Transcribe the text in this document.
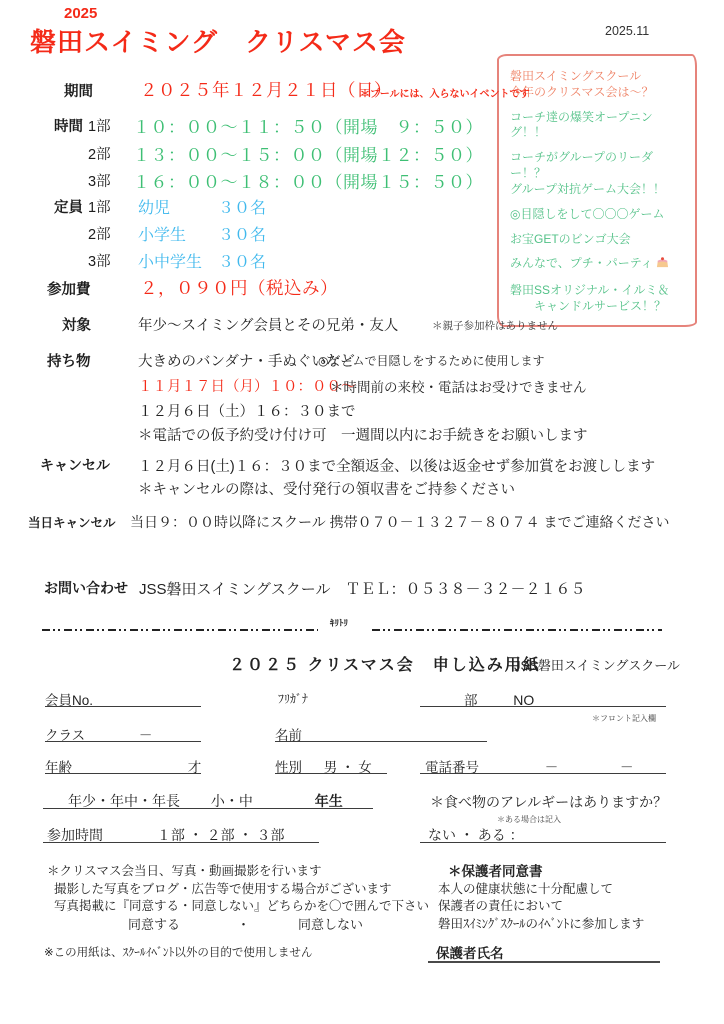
2025
磐田スイミング　クリスマス会	2025.11
磐田スイミングスクール
今年のクリスマス会は～？
コーチ達の爆笑オープニング！！
コーチがグループのリーダー！？
グループ対抗ゲーム大会！！
◎目隠しをして〇〇〇ゲーム
お宝GETのビンゴ大会
みんなで、プチ・パーティ
磐田SSオリジナル・イルミ＆
キャンドルサービス！？
期間	２０２５年１２月２１日（日）
＊プールには、入らないイベントです
時間 1部 １０：００～１１：５０（開場　９：５０）
2部 １３：００～１５：００（開場１２：５０）
3部 １６：００～１８：００（開場１５：５０）
定員 1部 幼児	３０名
2部 小学生 ３０名
3部 小中学生 ３０名
参加費	２，０９０円（税込み）
対象	年少～スイミング会員とその兄弟・友人	＊親子参加枠はありません
持ち物	大きめのバンダナ・手ぬぐいなど
◎ゲームで目隠しをするために使用します
１１月１７日（月）１０：００～
＊時間前の来校・電話はお受けできません
１２月６日（土）１６：３０まで
＊電話での仮予約受け付け可　一週間以内にお手続きをお願いします
キャンセル １２月６日(土)１６：３０まで全額返金、以後は返金せず参加賞をお渡しします
＊キャンセルの際は、受付発行の領収書をご持参ください
当日キャンセル 当日９：００時以降にスクール 携帯０７０－１３２７－８０７４ までご連絡ください
お問い合わせ JSS磐田スイミングスクール　ＴＥＬ：０５３８－３２－２１６５
ｷﾘﾄﾘ
２０２５ クリスマス会　申し込み用紙
JSS磐田スイミングスクール
会員No.	ﾌﾘｶﾞﾅ	部	NO
＊フロント記入欄
クラス	－	名前
年齢	才	性別 男 ・ 女	電話番号	－	－
年少・年中・年長 小・中	年生	＊食べ物のアレルギーはありますか？
＊ある場合は記入
参加時間	１部 ・ ２部 ・ ３部	ない ・ ある ：
＊クリスマス会当日、写真・動画撮影を行います
撮影した写真をブログ・広告等で使用する場合がございます
写真掲載に『同意する・同意しない』どちらかを〇で囲んで下さい
同意する	・	同意しない
※この用紙は、ｽｸｰﾙｲﾍﾞﾝﾄ以外の目的で使用しません
＊保護者同意書
本人の健康状態に十分配慮して
保護者の責任において
磐田ｽｲﾐﾝｸﾞｽｸｰﾙのｲﾍﾞﾝﾄに参加します
保護者氏名
